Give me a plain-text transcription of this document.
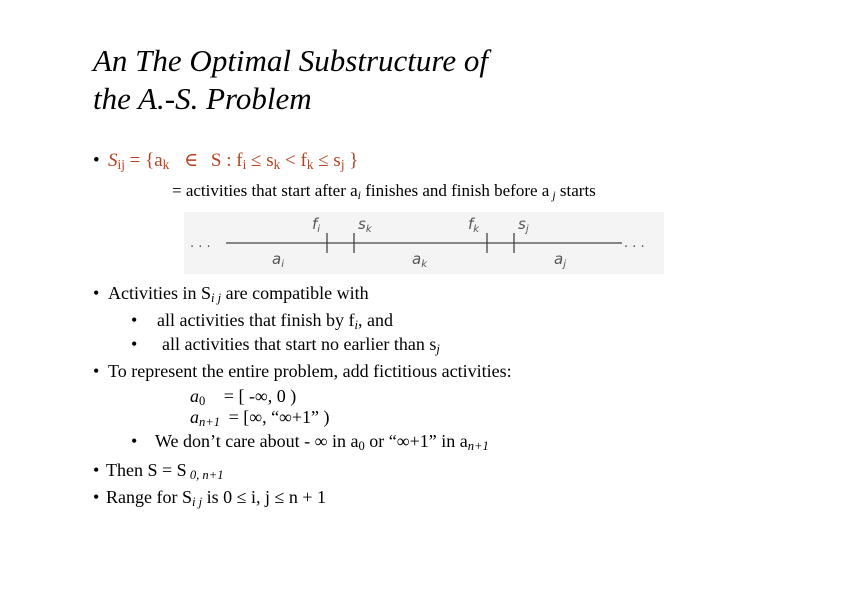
An The Optimal Substructure of
the A.-S. Problem
• $S_{ij} = \{a_k$ ∈ S : $f_i \le s_k < f_k \le s_j$ }
= activities that start after $a_i$ finishes and finish before a $_j$ starts
. . .	. . .
$f_i$	$s_k$	$f_k$	$s_j$
$a_i$	$a_k$	$a_j$
• Activities in $S_{i j}$ are compatible with
• all activities that finish by $f_i$, and
• all activities that start no earlier than $s_j$
• To represent the entire problem, add fictitious activities:
$a_0$ = [ -∞, 0 )
$a_{n+1}$ = [∞, “∞+1” )
• We don’t care about - ∞ in $a_0$ or “∞+1” in $a_{n+1}$
• Then S = S $_{0, n+1}$
• Range for $S_{i j}$ is 0 ≤ i, j ≤ n + 1
